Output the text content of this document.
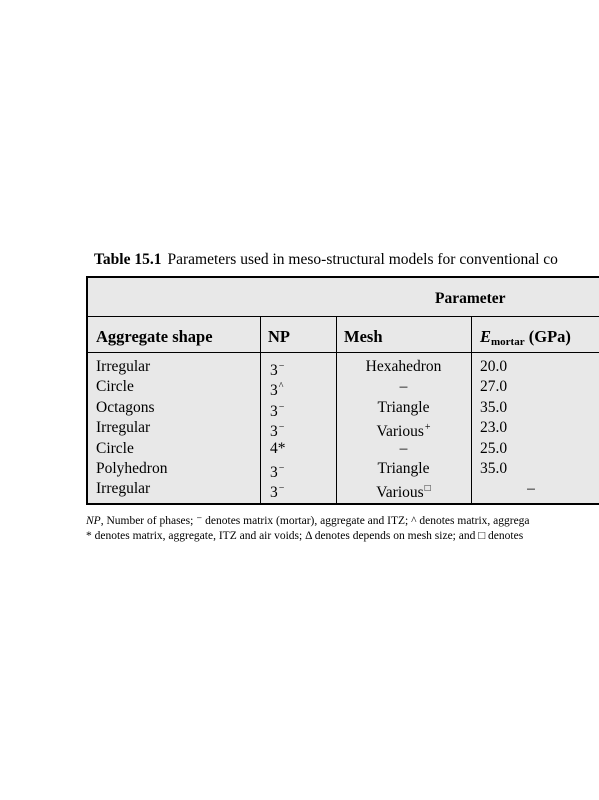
Table 15.1 Parameters used in meso-structural models for conventional co
Parameter
Aggregate shape	NP	Mesh	$E_{mortar}$ (GPa)
Irregular	3−	Hexahedron	20.0
Circle	3^	–	27.0
Octagons	3−	Triangle	35.0
Irregular	3−	Various+	23.0
Circle	4*	–	25.0
Polyhedron	3−	Triangle	35.0
Irregular	3−	Various□	–
NP, Number of phases; ⁻ denotes matrix (mortar), aggregate and ITZ; ^ denotes matrix, aggrega
* denotes matrix, aggregate, ITZ and air voids; Δ denotes depends on mesh size; and □ denotes
